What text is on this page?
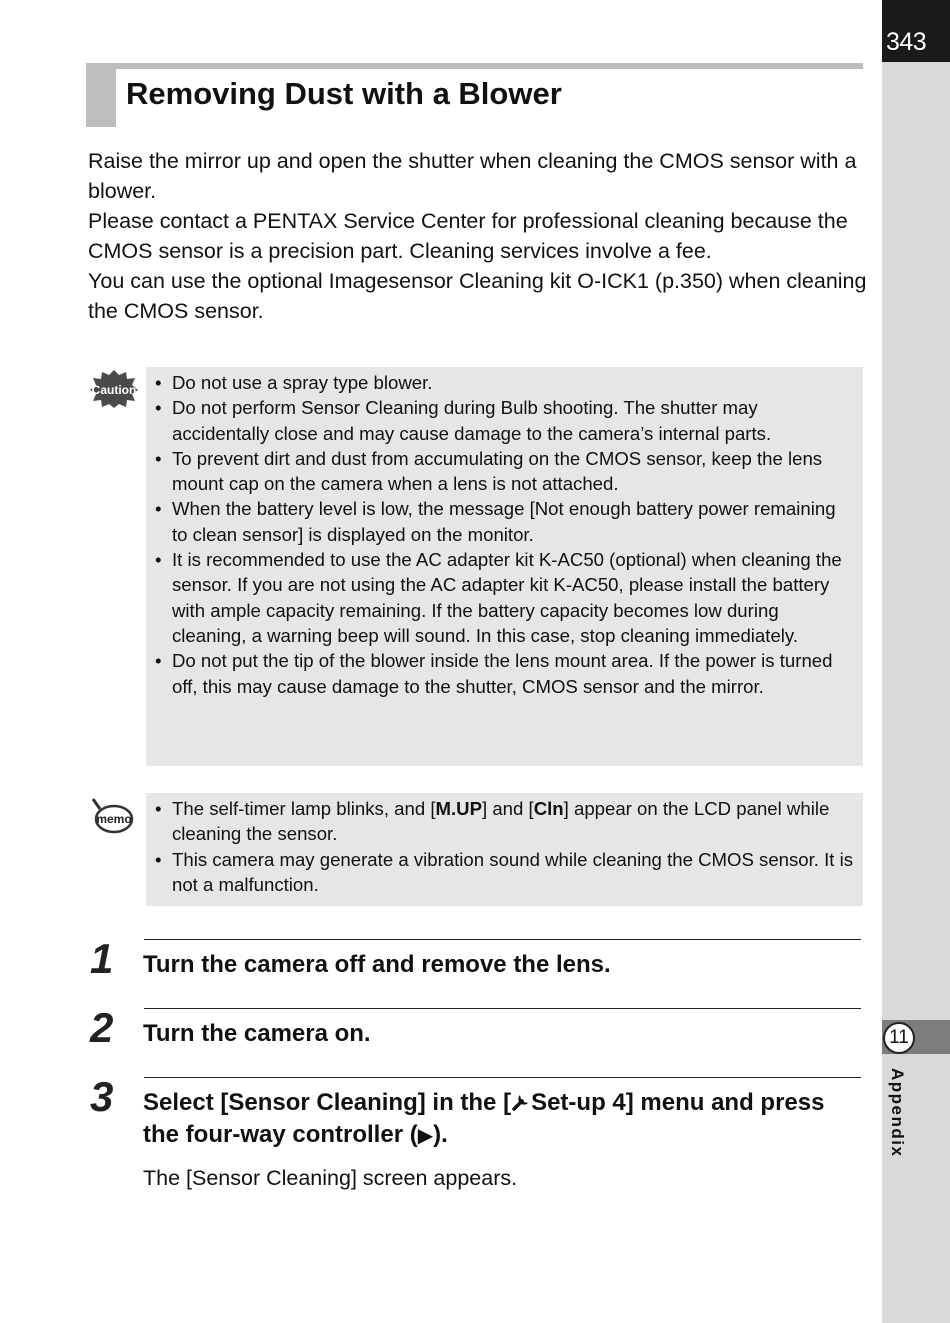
343
11
Appendix
Removing Dust with a Blower

Raise the mirror up and open the shutter when cleaning the CMOS sensor with a blower.

Please contact a PENTAX Service Center for professional cleaning because the CMOS sensor is a precision part. Cleaning services involve a fee.

You can use the optional Imagesensor Cleaning kit O-ICK1 (p.350) when cleaning the CMOS sensor.

Caution	• Do not use a spray type blower.
• Do not perform Sensor Cleaning during Bulb shooting. The shutter may accidentally close and may cause damage to the camera’s internal parts.
• To prevent dirt and dust from accumulating on the CMOS sensor, keep the lens mount cap on the camera when a lens is not attached.
• When the battery level is low, the message [Not enough battery power remaining to clean sensor] is displayed on the monitor.
• It is recommended to use the AC adapter kit K-AC50 (optional) when cleaning the sensor. If you are not using the AC adapter kit K-AC50, please install the battery with ample capacity remaining. If the battery capacity becomes low during cleaning, a warning beep will sound. In this case, stop cleaning immediately.
• Do not put the tip of the blower inside the lens mount area. If the power is turned off, this may cause damage to the shutter, CMOS sensor and the mirror.
memo	• The self-timer lamp blinks, and [M.UP] and [Cln] appear on the LCD panel while cleaning the sensor.
• This camera may generate a vibration sound while cleaning the CMOS sensor. It is not a malfunction.
1 Turn the camera off and remove the lens.
2 Turn the camera on.
3 Select [Sensor Cleaning] in the [ Set-up 4] menu and press the four-way controller (▶).
The [Sensor Cleaning] screen appears.
